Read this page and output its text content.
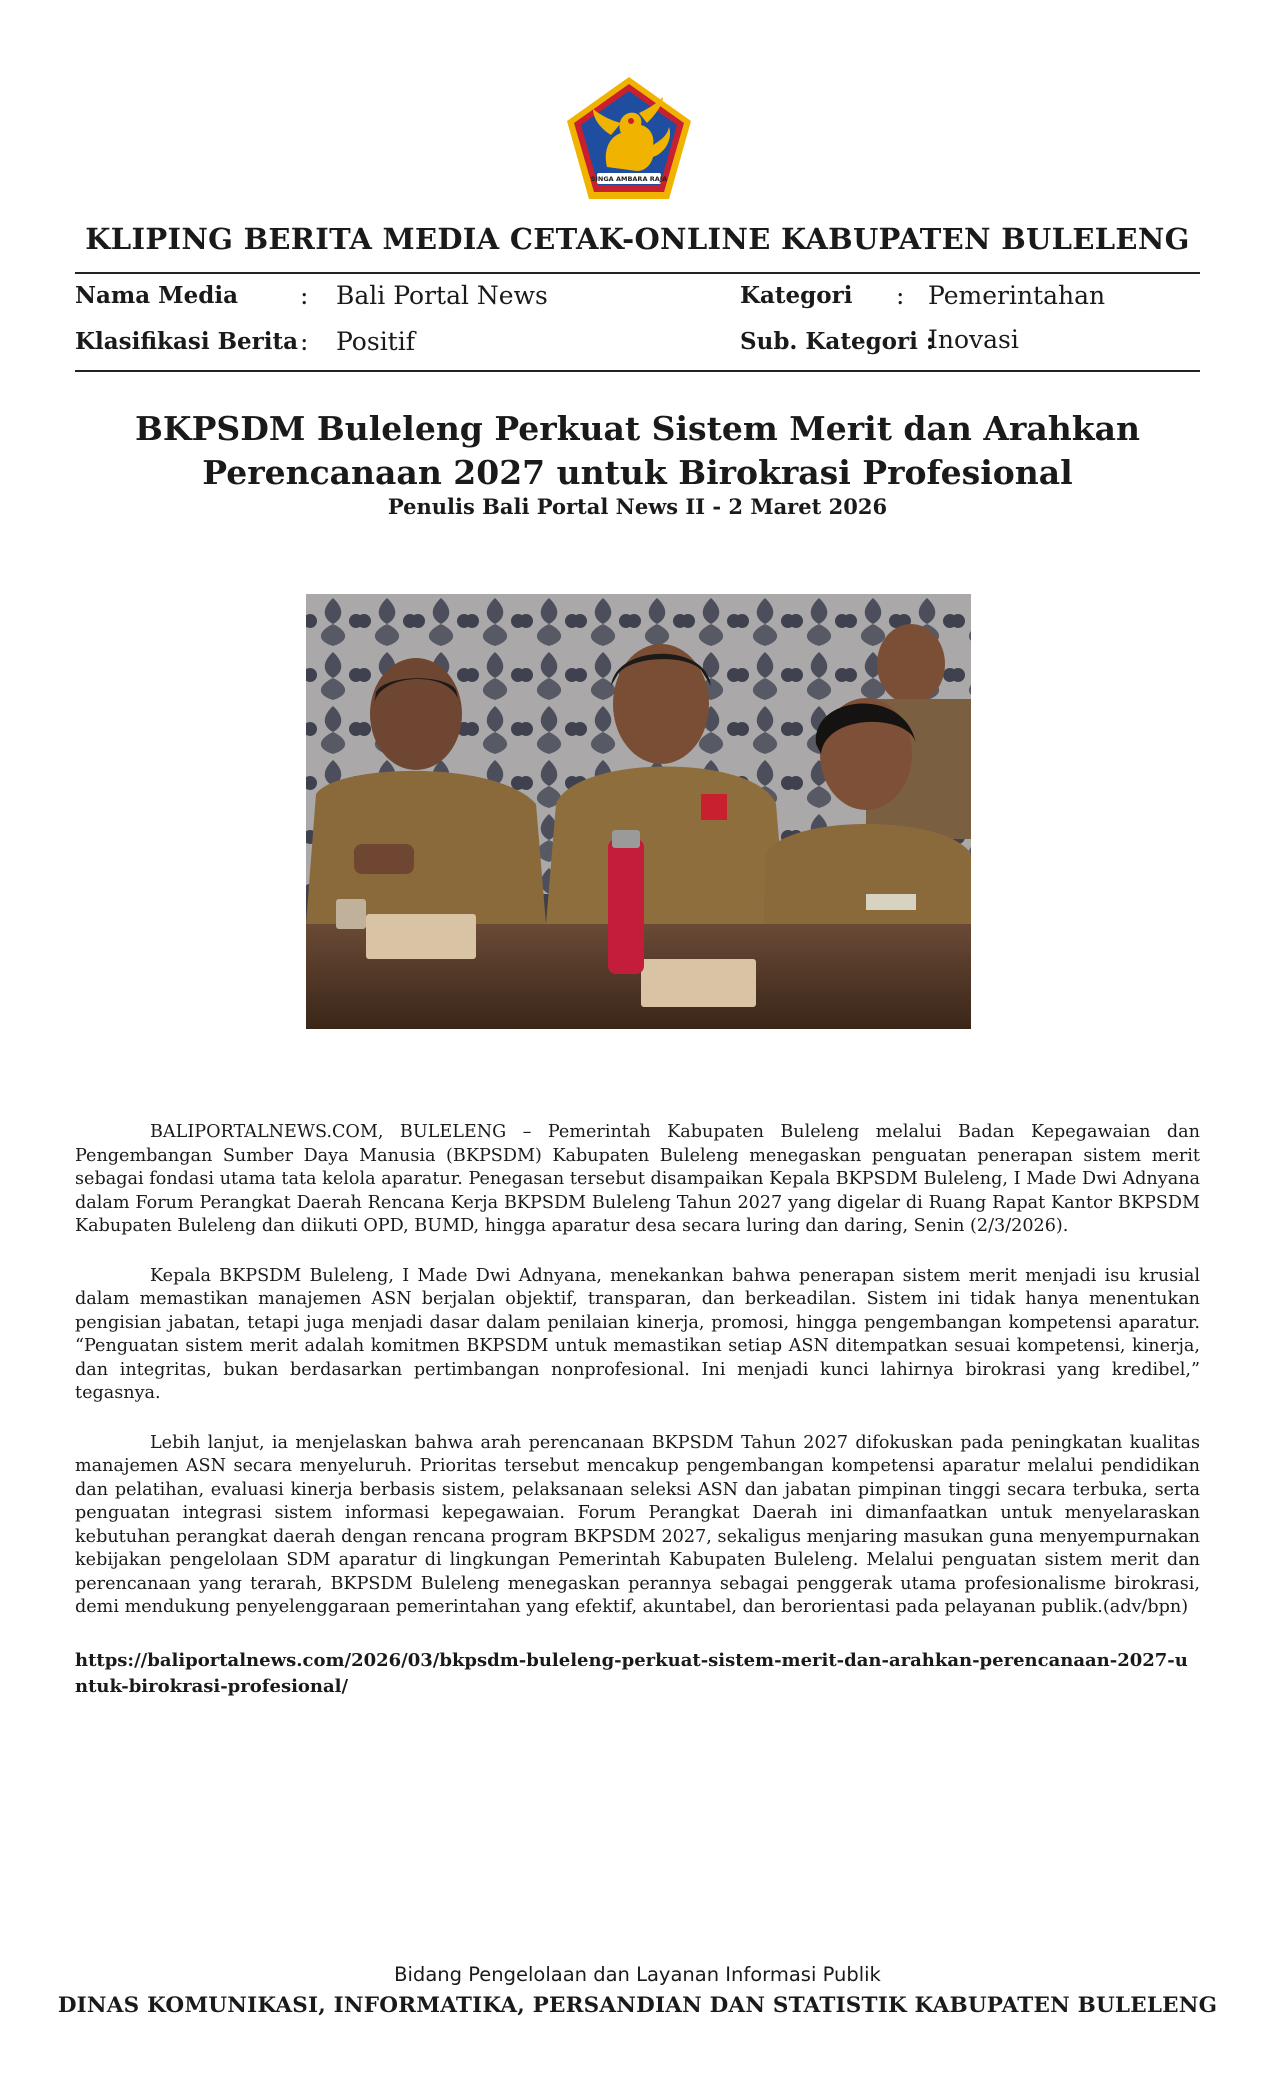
SINGA AMBARA RAJA
KLIPING BERITA MEDIA CETAK-ONLINE KABUPATEN BULELENG
Nama Media : Bali Portal News	Kategori : Pemerintahan
Klasifikasi Berita : Positif	Sub. Kategori :
Inovasi
BKPSDM Buleleng Perkuat Sistem Merit dan Arahkan Perencanaan 2027 untuk Birokrasi Profesional
Penulis Bali Portal News II - 2 Maret 2026

BALIPORTALNEWS.COM, BULELENG – Pemerintah Kabupaten Buleleng melalui Badan Kepegawaian dan Pengembangan Sumber Daya Manusia (BKPSDM) Kabupaten Buleleng menegaskan penguatan penerapan sistem merit sebagai fondasi utama tata kelola aparatur. Penegasan tersebut disampaikan Kepala BKPSDM Buleleng, I Made Dwi Adnyana dalam Forum Perangkat Daerah Rencana Kerja BKPSDM Buleleng Tahun 2027 yang digelar di Ruang Rapat Kantor BKPSDM Kabupaten Buleleng dan diikuti OPD, BUMD, hingga aparatur desa secara luring dan daring, Senin (2/3/2026).

Kepala BKPSDM Buleleng, I Made Dwi Adnyana, menekankan bahwa penerapan sistem merit menjadi isu krusial dalam memastikan manajemen ASN berjalan objektif, transparan, dan berkeadilan. Sistem ini tidak hanya menentukan pengisian jabatan, tetapi juga menjadi dasar dalam penilaian kinerja, promosi, hingga pengembangan kompetensi aparatur. “Penguatan sistem merit adalah komitmen BKPSDM untuk memastikan setiap ASN ditempatkan sesuai kompetensi, kinerja, dan integritas, bukan berdasarkan pertimbangan nonprofesional. Ini menjadi kunci lahirnya birokrasi yang kredibel,” tegasnya.

Lebih lanjut, ia menjelaskan bahwa arah perencanaan BKPSDM Tahun 2027 difokuskan pada peningkatan kualitas manajemen ASN secara menyeluruh. Prioritas tersebut mencakup pengembangan kompetensi aparatur melalui pendidikan dan pelatihan, evaluasi kinerja berbasis sistem, pelaksanaan seleksi ASN dan jabatan pimpinan tinggi secara terbuka, serta penguatan integrasi sistem informasi kepegawaian. Forum Perangkat Daerah ini dimanfaatkan untuk menyelaraskan kebutuhan perangkat daerah dengan rencana program BKPSDM 2027, sekaligus menjaring masukan guna menyempurnakan kebijakan pengelolaan SDM aparatur di lingkungan Pemerintah Kabupaten Buleleng. Melalui penguatan sistem merit dan perencanaan yang terarah, BKPSDM Buleleng menegaskan perannya sebagai penggerak utama profesionalisme birokrasi, demi mendukung penyelenggaraan pemerintahan yang efektif, akuntabel, dan berorientasi pada pelayanan publik.(adv/bpn)

https://baliportalnews.com/2026/03/bkpsdm-buleleng-perkuat-sistem-merit-dan-arahkan-perencanaan-2027-untuk-birokrasi-profesional/
Bidang Pengelolaan dan Layanan Informasi Publik
DINAS KOMUNIKASI, INFORMATIKA, PERSANDIAN DAN STATISTIK KABUPATEN BULELENG
